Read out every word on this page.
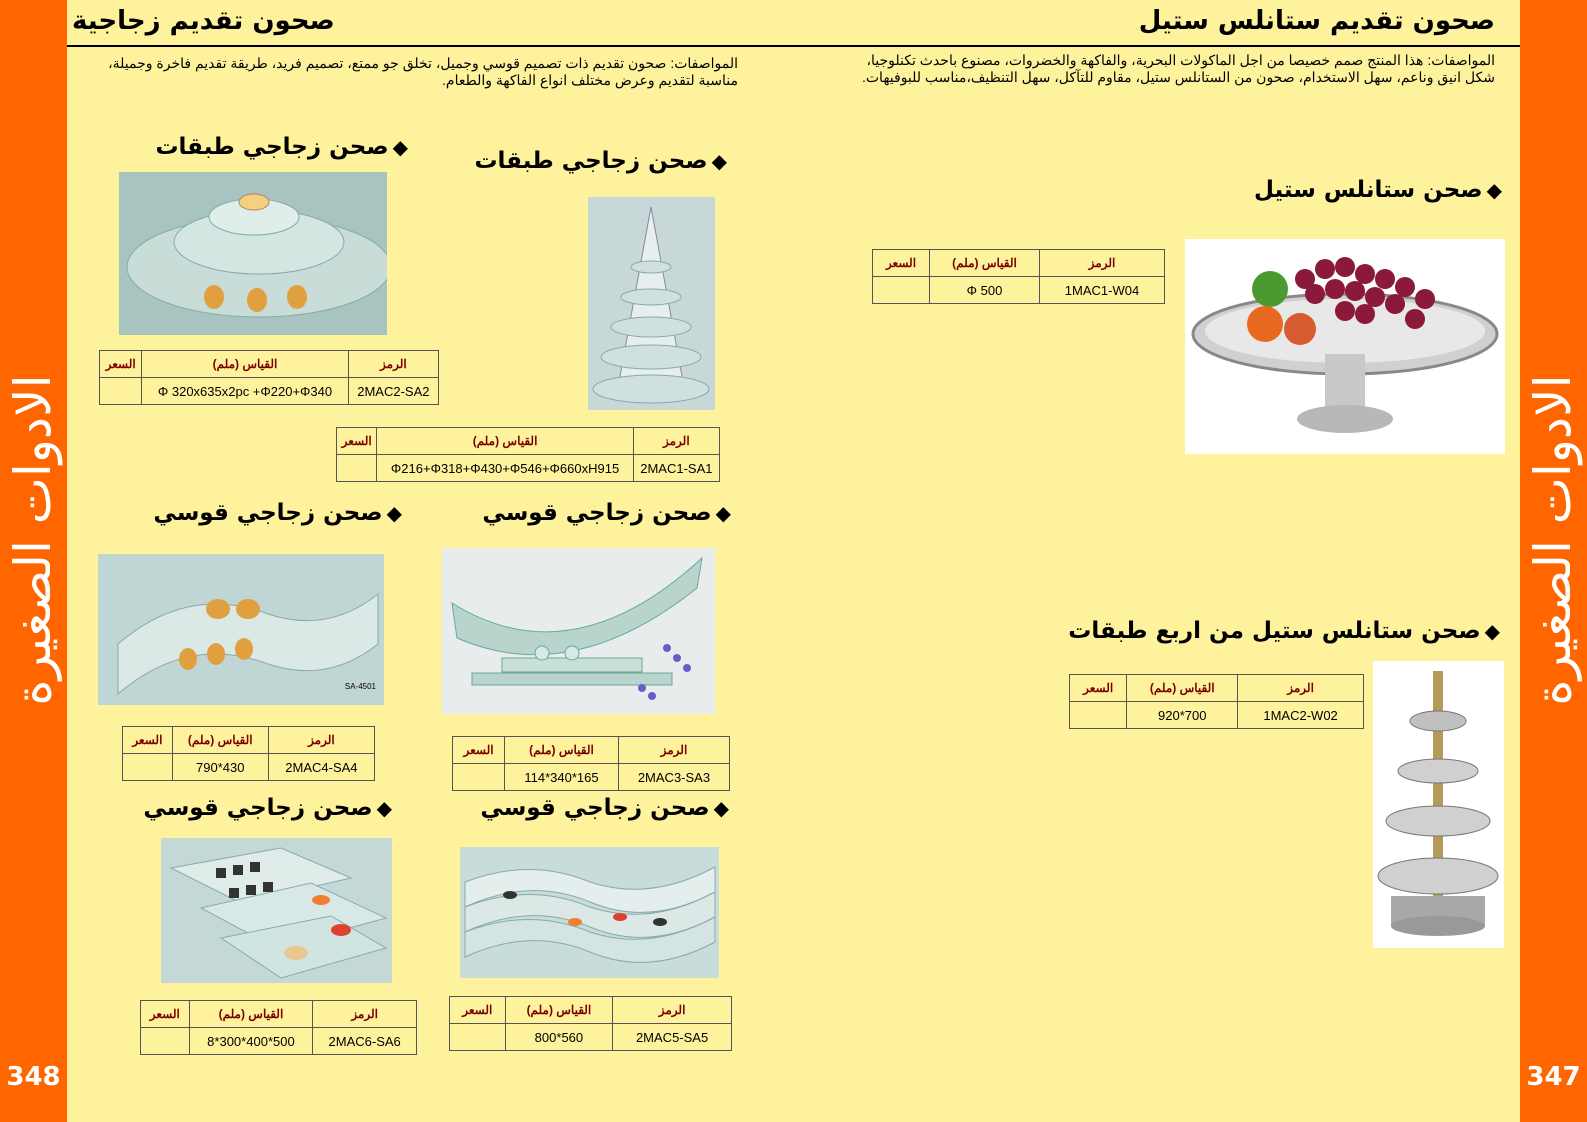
الادوات الصغيرة
348
الادوات الصغيرة
347
صحون تقديم ستانلس ستيل
صحون تقديم زجاجية
المواصفات: هذا المنتج صمم خصيصا من اجل الماكولات البحرية، والفاكهة والخضروات، مصنوع باحدث تكنلوجيا،
شكل انيق وناعم، سهل الاستخدام، صحون من الستانلس ستيل، مقاوم للتآكل، سهل التنظيف،مناسب للبوفيهات.
المواصفات: صحون تقديم ذات تصميم قوسي وجميل، تخلق جو ممتع، تصميم فريد، طريقة تقديم فاخرة وجميلة،
مناسبة لتقديم وعرض مختلف انواع الفاكهة والطعام.
◆صحن ستانلس ستيل
الرمز	القياس (ملم)	السعر
1MAC1-W04	Φ 500	
◆صحن ستانلس ستيل من اربع طبقات
الرمز	القياس (ملم)	السعر
1MAC2-W02	700*920	
◆صحن زجاجي طبقات
الرمز	القياس (ملم)	السعر
2MAC2-SA2	Φ 320x635x2pc +Φ220+Φ340	
◆صحن زجاجي طبقات
الرمز	القياس (ملم)	السعر
2MAC1-SA1	Φ216+Φ318+Φ430+Φ546+Φ660xH915	
◆صحن زجاجي قوسي
SA-4501
الرمز	القياس (ملم)	السعر
2MAC4-SA4	430*790	
◆صحن زجاجي قوسي
الرمز	القياس (ملم)	السعر
2MAC3-SA3	165*340*114	
◆صحن زجاجي قوسي
الرمز	القياس (ملم)	السعر
2MAC6-SA6	500*400*300*8	
◆صحن زجاجي قوسي
الرمز	القياس (ملم)	السعر
2MAC5-SA5	560*800	
